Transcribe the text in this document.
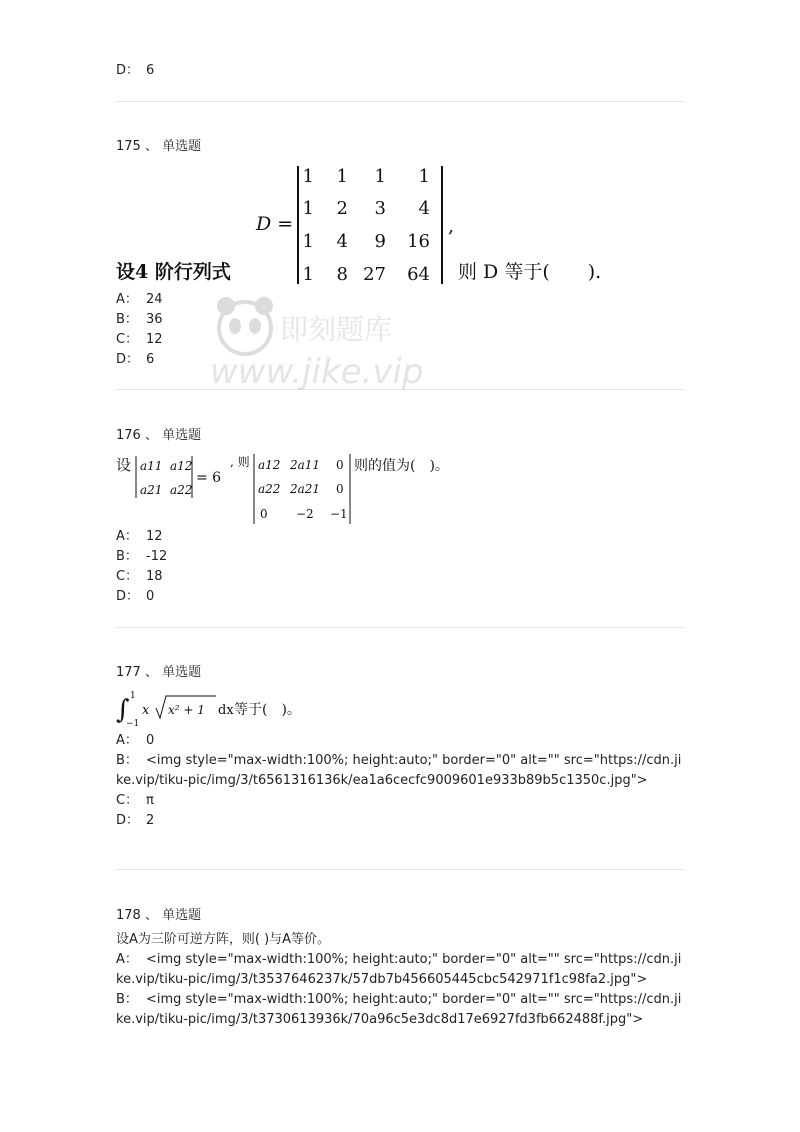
D： 6
175 、 单选题
设4 阶行列式
D =
1 1 1 1
1 2 3 4
1 4 9 16
1 8 27 64
,
则 D 等于(　　).
A： 24
B： 36
C： 12
D： 6
176 、 单选题
设 a11 a12
a21 a22
= 6
, 则 a12 2a11 0
a22 2a21 0
0 −2 −1
则的值为(　)。
A： 12
B： -12
C： 18
D： 0
177 、 单选题
∫ 1
−1
x x² + 1 dx 等于(　)。
A： 0
B： <img style="max-width:100%; height:auto;" border="0" alt="" src="https://cdn.jike.vip/tiku-pic/img/3/t6561316136k/ea1a6cecfc9009601e933b89b5c1350c.jpg">
C： π
D： 2
178 、 单选题
设A为三阶可逆方阵，则( )与A等价。
A： <img style="max-width:100%; height:auto;" border="0" alt="" src="https://cdn.jike.vip/tiku-pic/img/3/t3537646237k/57db7b456605445cbc542971f1c98fa2.jpg">
B： <img style="max-width:100%; height:auto;" border="0" alt="" src="https://cdn.jike.vip/tiku-pic/img/3/t3730613936k/70a96c5e3dc8d17e6927fd3fb662488f.jpg">
即刻题库
www.jike.vip
